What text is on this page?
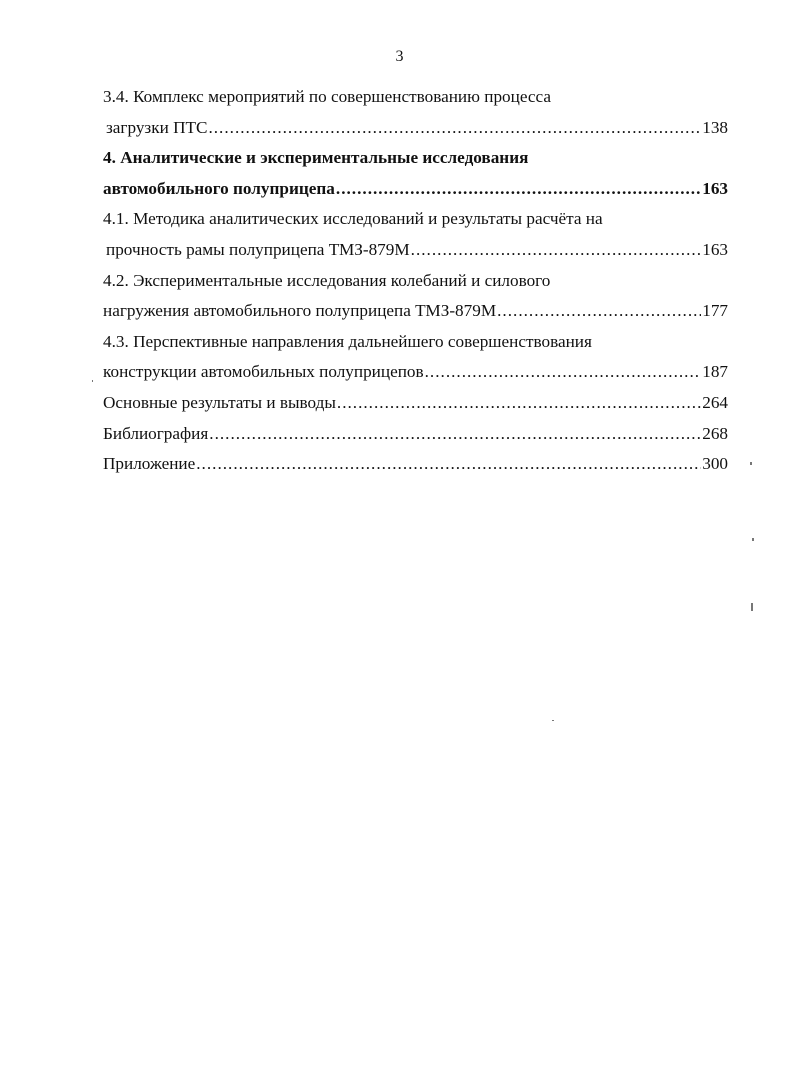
3
3.4. Комплекс мероприятий по совершенствованию процесса
загрузки ПТС .....	138
4. Аналитические и экспериментальные исследования
автомобильного полуприцепа .....	163
4.1. Методика аналитических исследований и результаты расчёта на
прочность рамы полуприцепа ТМЗ-879М .....	163
4.2. Экспериментальные исследования колебаний и силового
нагружения автомобильного полуприцепа ТМЗ-879М .....	177
4.3. Перспективные направления дальнейшего совершенствования
конструкции автомобильных полуприцепов .....	187
Основные результаты и выводы .....	264
Библиография .....	268
Приложение .....	300
